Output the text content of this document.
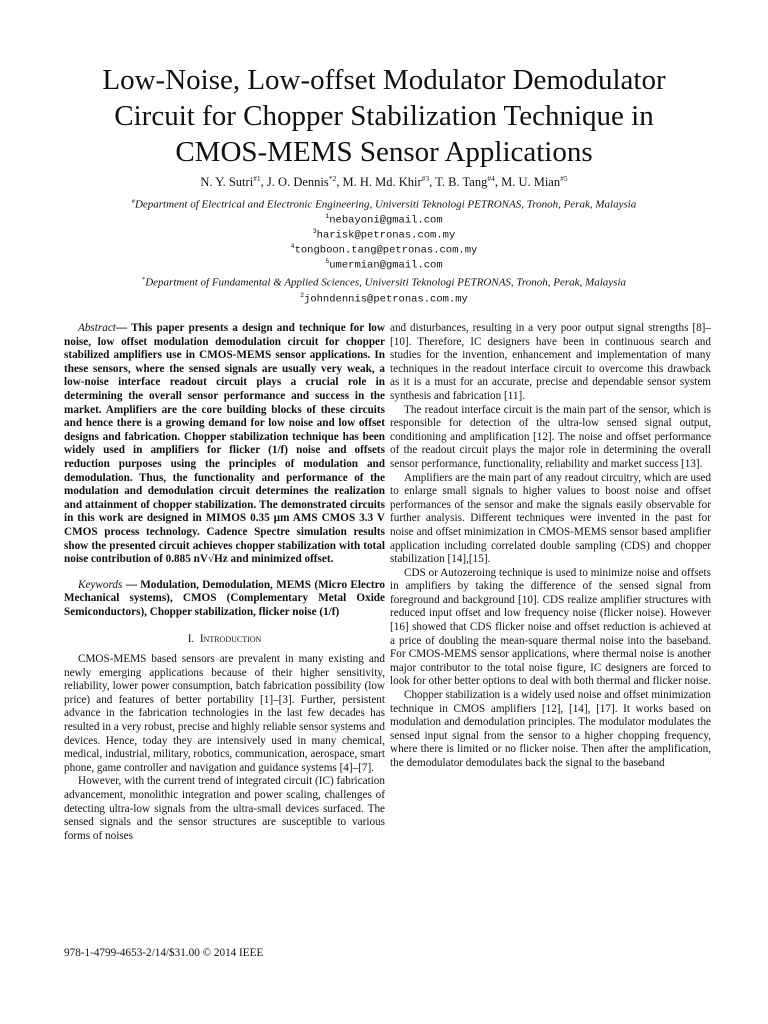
Low-Noise, Low-offset Modulator Demodulator
Circuit for Chopper Stabilization Technique in
CMOS-MEMS Sensor Applications
N. Y. Sutri$^{\#1}$, J. O. Dennis$^{*2}$, M. H. Md. Khir$^{\#3}$, T. B. Tang$^{\#4}$, M. U. Mian$^{\#5}$
#Department of Electrical and Electronic Engineering, Universiti Teknologi PETRONAS, Tronoh, Perak, Malaysia
$^1$nebayoni@gmail.com
$^3$harisk@petronas.com.my
$^4$tongboon.tang@petronas.com.my
$^5$umermian@gmail.com
*Department of Fundamental & Applied Sciences, Universiti Teknologi PETRONAS, Tronoh, Perak, Malaysia
$^2$johndennis@petronas.com.my

Abstract— This paper presents a design and technique for low noise, low offset modulation demodulation circuit for chopper stabilized amplifiers use in CMOS-MEMS sensor applications. In these sensors, where the sensed signals are usually very weak, a low-noise interface readout circuit plays a crucial role in determining the overall sensor performance and success in the market. Amplifiers are the core building blocks of these circuits and hence there is a growing demand for low noise and low offset designs and fabrication. Chopper stabilization technique has been widely used in amplifiers for flicker (1/f) noise and offsets reduction purposes using the principles of modulation and demodulation. Thus, the functionality and performance of the modulation and demodulation circuit determines the realization and attainment of chopper stabilization. The demonstrated circuits in this work are designed in MIMOS 0.35 µm AMS CMOS 3.3 V CMOS process technology. Cadence Spectre simulation results show the presented circuit achieves chopper stabilization with total noise contribution of 0.885 nV√Hz and minimized offset.

Keywords — Modulation, Demodulation, MEMS (Micro Electro Mechanical systems), CMOS (Complementary Metal Oxide Semiconductors), Chopper stabilization, flicker noise (1/f)

I. Introduction

CMOS-MEMS based sensors are prevalent in many existing and newly emerging applications because of their higher sensitivity, reliability, lower power consumption, batch fabrication possibility (low price) and features of better portability [1]–[3]. Further, persistent advance in the fabrication technologies in the last few decades has resulted in a very robust, precise and highly reliable sensor systems and devices. Hence, today they are intensively used in many chemical, medical, industrial, military, robotics, communication, aerospace, smart phone, game controller and navigation and guidance systems [4]–[7].

However, with the current trend of integrated circuit (IC) fabrication advancement, monolithic integration and power scaling, challenges of detecting ultra-low signals from the ultra-small devices surfaced. The sensed signals and the sensor structures are susceptible to various forms of noises

and disturbances, resulting in a very poor output signal strengths [8]–[10]. Therefore, IC designers have been in continuous search and studies for the invention, enhancement and implementation of many techniques in the readout interface circuit to overcome this drawback as it is a must for an accurate, precise and dependable sensor system synthesis and fabrication [11].

The readout interface circuit is the main part of the sensor, which is responsible for detection of the ultra-low sensed signal output, conditioning and amplification [12]. The noise and offset performance of the readout circuit plays the major role in determining the overall sensor performance, functionality, reliability and market success [13].

Amplifiers are the main part of any readout circuitry, which are used to enlarge small signals to higher values to boost noise and offset performances of the sensor and make the signals easily observable for further analysis. Different techniques were invented in the past for noise and offset minimization in CMOS-MEMS sensor based amplifier application including correlated double sampling (CDS) and chopper stabilization [14],[15].

CDS or Autozeroing technique is used to minimize noise and offsets in amplifiers by taking the difference of the sensed signal from foreground and background [10]. CDS realize amplifier structures with reduced input offset and low frequency noise (flicker noise). However [16] showed that CDS flicker noise and offset reduction is achieved at a price of doubling the mean-square thermal noise into the baseband. For CMOS-MEMS sensor applications, where thermal noise is another major contributor to the total noise figure, IC designers are forced to look for other better options to deal with both thermal and flicker noise.

Chopper stabilization is a widely used noise and offset minimization technique in CMOS amplifiers [12], [14], [17]. It works based on modulation and demodulation principles. The modulator modulates the sensed input signal from the sensor to a higher chopping frequency, where there is limited or no flicker noise. Then after the amplification, the demodulator demodulates back the signal to the baseband

978-1-4799-4653-2/14/$31.00 © 2014 IEEE
